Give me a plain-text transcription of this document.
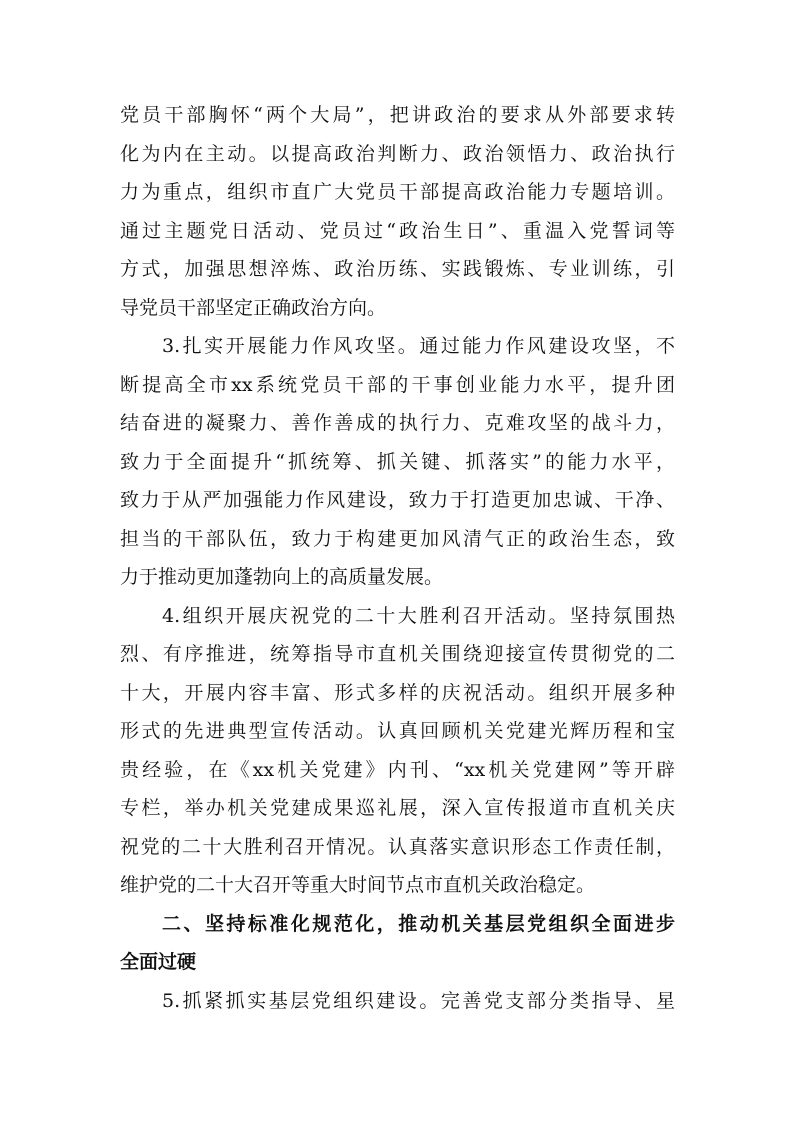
党员干部胸怀“两个大局”，把讲政治的要求从外部要求转
化为内在主动。以提高政治判断力、政治领悟力、政治执行
力为重点，组织市直广大党员干部提高政治能力专题培训。
通过主题党日活动、党员过“政治生日”、重温入党誓词等
方式，加强思想淬炼、政治历练、实践锻炼、专业训练，引
导党员干部坚定正确政治方向。
3.扎实开展能力作风攻坚。通过能力作风建设攻坚，不
断提高全市xx系统党员干部的干事创业能力水平，提升团
结奋进的凝聚力、善作善成的执行力、克难攻坚的战斗力，
致力于全面提升“抓统筹、抓关键、抓落实”的能力水平，
致力于从严加强能力作风建设，致力于打造更加忠诚、干净、
担当的干部队伍，致力于构建更加风清气正的政治生态，致
力于推动更加蓬勃向上的高质量发展。
4.组织开展庆祝党的二十大胜利召开活动。坚持氛围热
烈、有序推进，统筹指导市直机关围绕迎接宣传贯彻党的二
十大，开展内容丰富、形式多样的庆祝活动。组织开展多种
形式的先进典型宣传活动。认真回顾机关党建光辉历程和宝
贵经验，在《xx机关党建》内刊、“xx机关党建网”等开辟
专栏，举办机关党建成果巡礼展，深入宣传报道市直机关庆
祝党的二十大胜利召开情况。认真落实意识形态工作责任制，
维护党的二十大召开等重大时间节点市直机关政治稳定。
二、坚持标准化规范化，推动机关基层党组织全面进步
全面过硬
5.抓紧抓实基层党组织建设。完善党支部分类指导、星
